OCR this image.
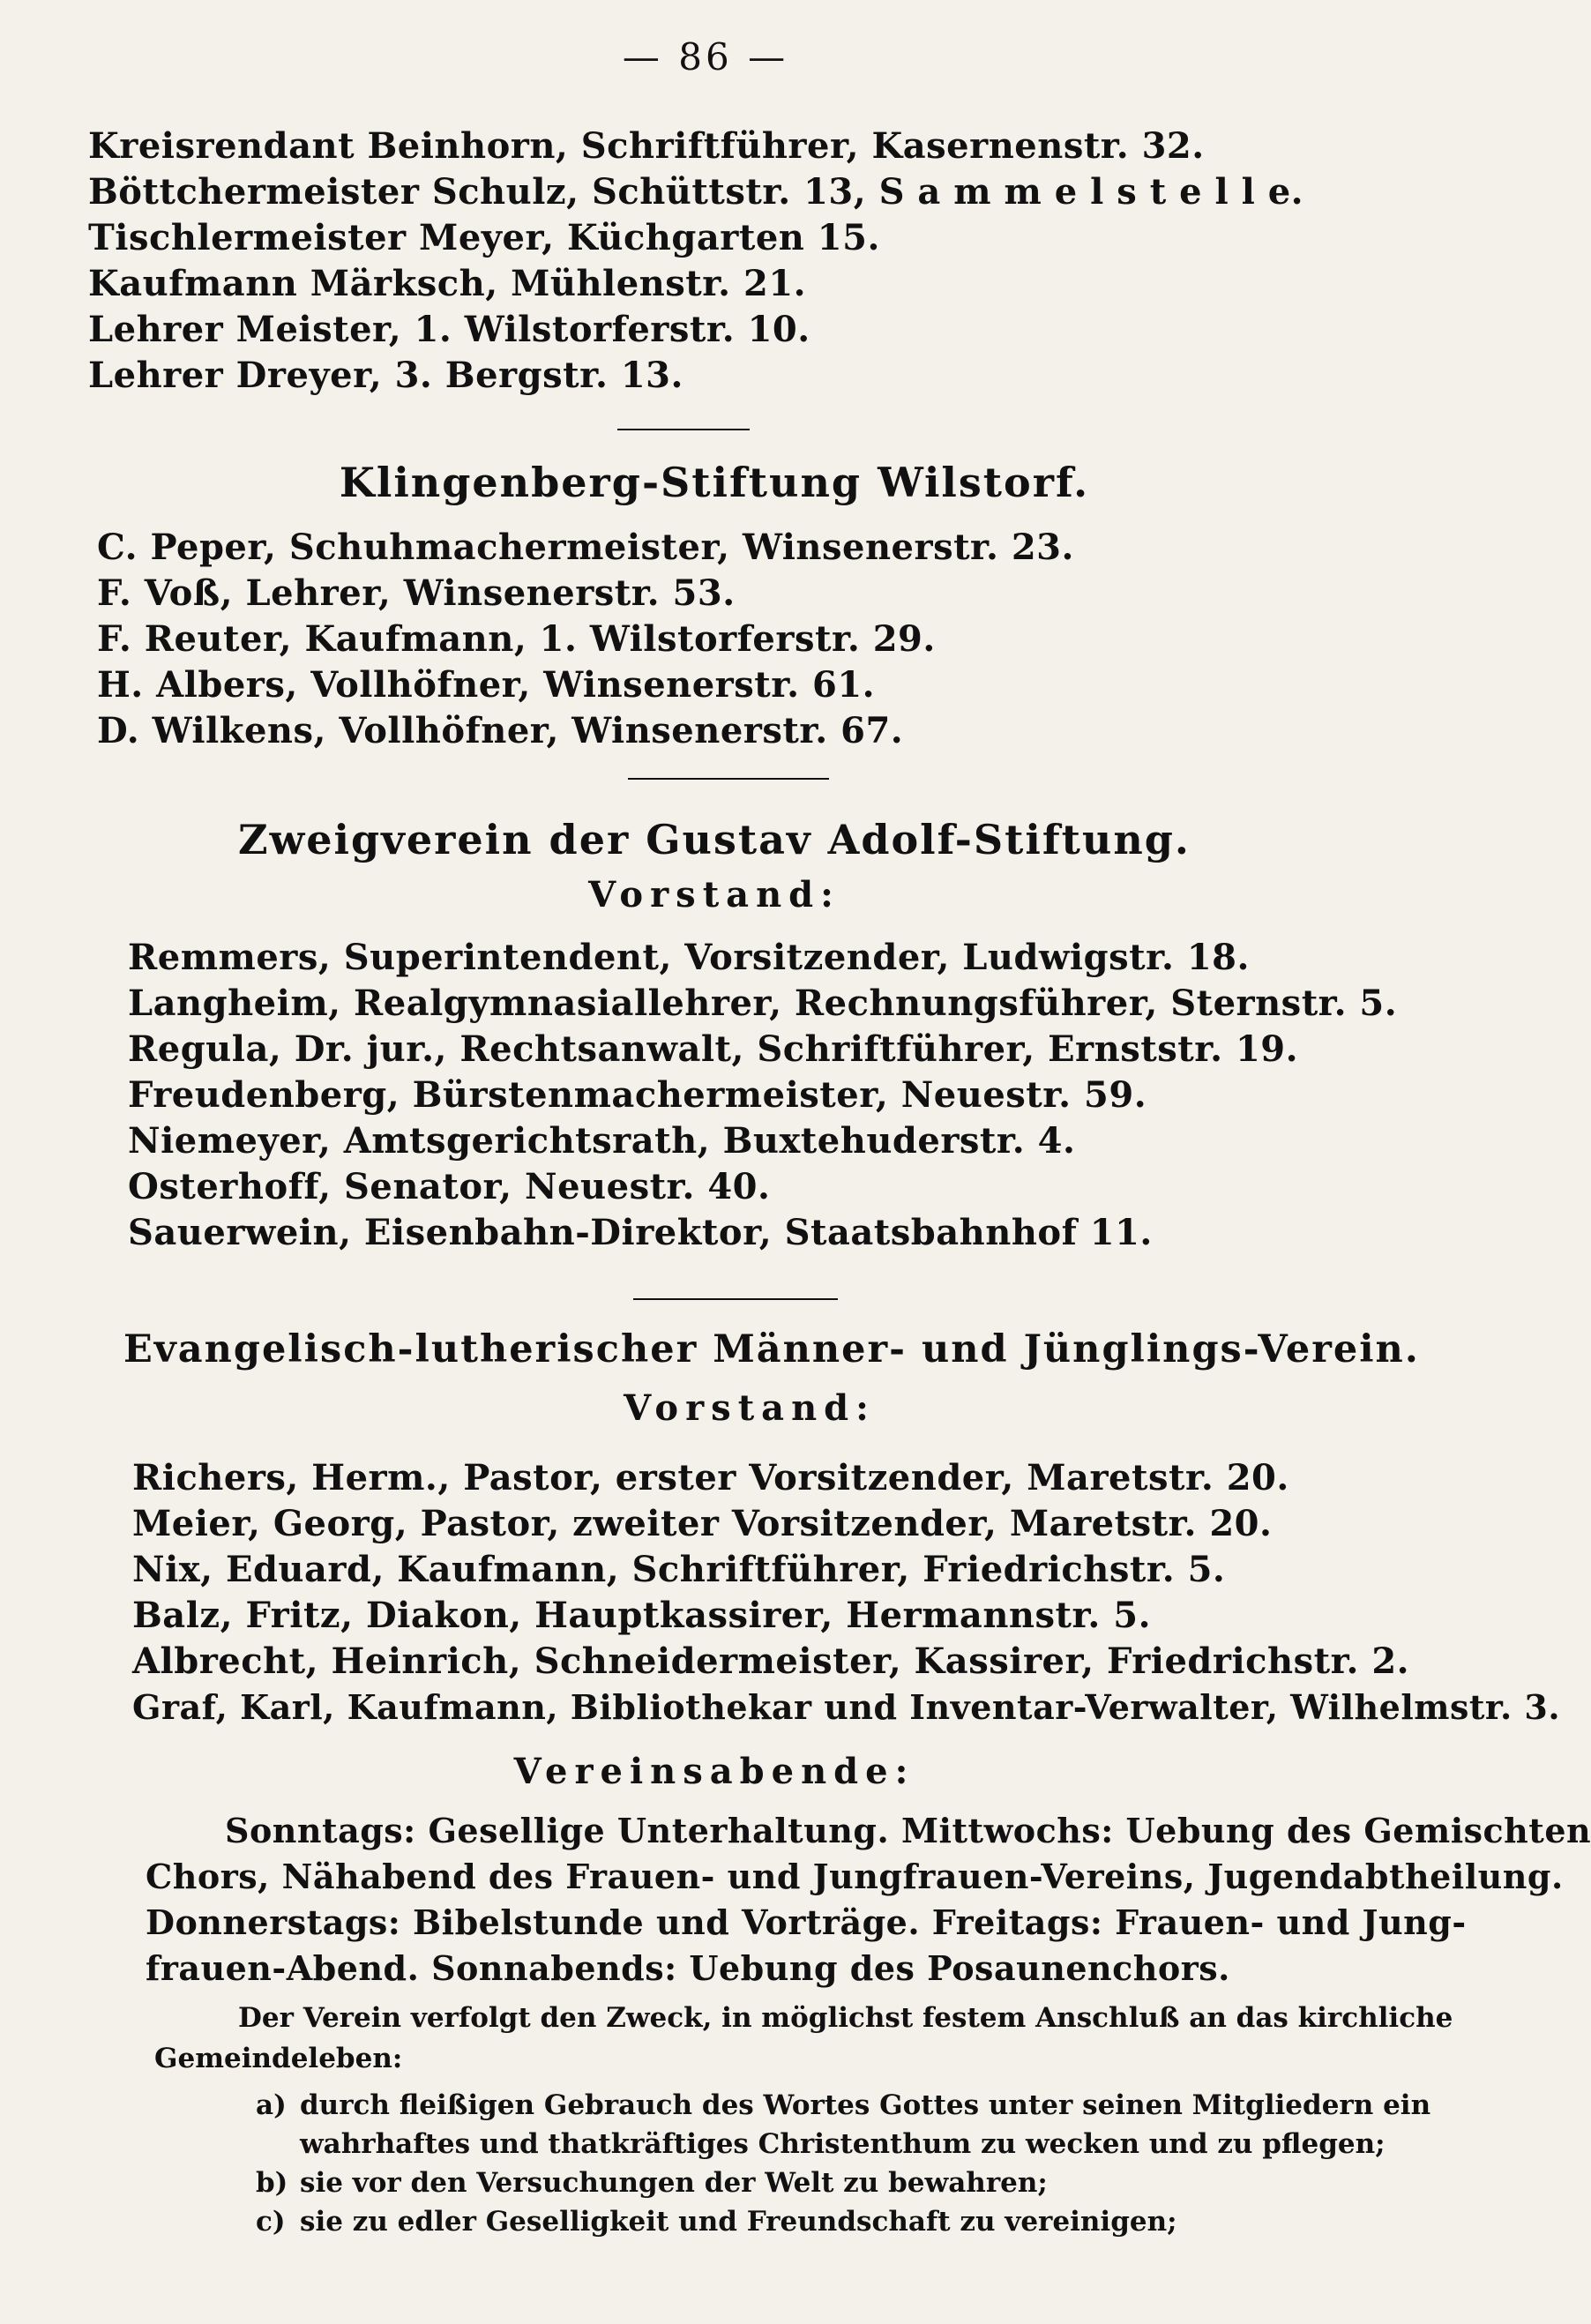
— 86 —
Kreisrendant Beinhorn, Schriftführer, Kasernenstr. 32.
Böttchermeister Schulz, Schüttstr. 13, S a m m e l s t e l l e.
Tischlermeister Meyer, Küchgarten 15.
Kaufmann Märksch, Mühlenstr. 21.
Lehrer Meister, 1. Wilstorferstr. 10.
Lehrer Dreyer, 3. Bergstr. 13.
Klingenberg-Stiftung Wilstorf.
C. Peper, Schuhmachermeister, Winsenerstr. 23.
F. Voß, Lehrer, Winsenerstr. 53.
F. Reuter, Kaufmann, 1. Wilstorferstr. 29.
H. Albers, Vollhöfner, Winsenerstr. 61.
D. Wilkens, Vollhöfner, Winsenerstr. 67.
Zweigverein der Gustav Adolf-Stiftung.
Vorstand:
Remmers, Superintendent, Vorsitzender, Ludwigstr. 18.
Langheim, Realgymnasiallehrer, Rechnungsführer, Sternstr. 5.
Regula, Dr. jur., Rechtsanwalt, Schriftführer, Ernststr. 19.
Freudenberg, Bürstenmachermeister, Neuestr. 59.
Niemeyer, Amtsgerichtsrath, Buxtehuderstr. 4.
Osterhoff, Senator, Neuestr. 40.
Sauerwein, Eisenbahn-Direktor, Staatsbahnhof 11.
Evangelisch-lutherischer Männer- und Jünglings-Verein.
Vorstand:
Richers, Herm., Pastor, erster Vorsitzender, Maretstr. 20.
Meier, Georg, Pastor, zweiter Vorsitzender, Maretstr. 20.
Nix, Eduard, Kaufmann, Schriftführer, Friedrichstr. 5.
Balz, Fritz, Diakon, Hauptkassirer, Hermannstr. 5.
Albrecht, Heinrich, Schneidermeister, Kassirer, Friedrichstr. 2.
Graf, Karl, Kaufmann, Bibliothekar und Inventar-Verwalter, Wilhelmstr. 3.
Vereinsabende:
Sonntags: Gesellige Unterhaltung. Mittwochs: Uebung des Gemischten
Chors, Nähabend des Frauen- und Jungfrauen-Vereins, Jugendabtheilung.
Donnerstags: Bibelstunde und Vorträge. Freitags: Frauen- und Jung-
frauen-Abend. Sonnabends: Uebung des Posaunenchors.
Der Verein verfolgt den Zweck, in möglichst festem Anschluß an das kirchliche
Gemeindeleben:
a) durch fleißigen Gebrauch des Wortes Gottes unter seinen Mitgliedern ein
wahrhaftes und thatkräftiges Christenthum zu wecken und zu pflegen;
b) sie vor den Versuchungen der Welt zu bewahren;
c) sie zu edler Geselligkeit und Freundschaft zu vereinigen;
